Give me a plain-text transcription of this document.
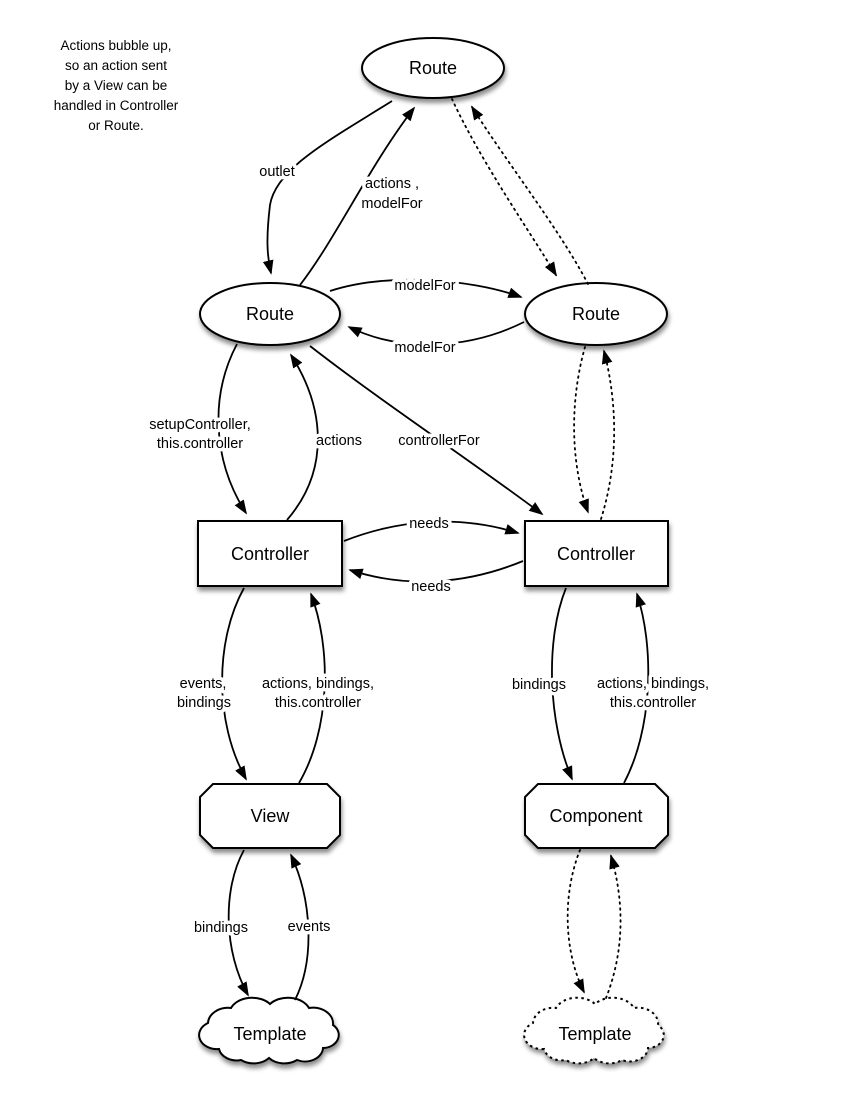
Actions bubble up,
so an action sent
by a View can be
handled in Controller
or Route.
outlet
actions ,
modelFor
modelFor
modelFor
setupController,
this.controller	actions	controllerFor
needs
needs
events,
bindings
actions, bindings,
this.controller
bindings actions, bindings,
this.controller
bindings	events
Route
Route	Route
Controller	Controller
View	Component
Template	Template
